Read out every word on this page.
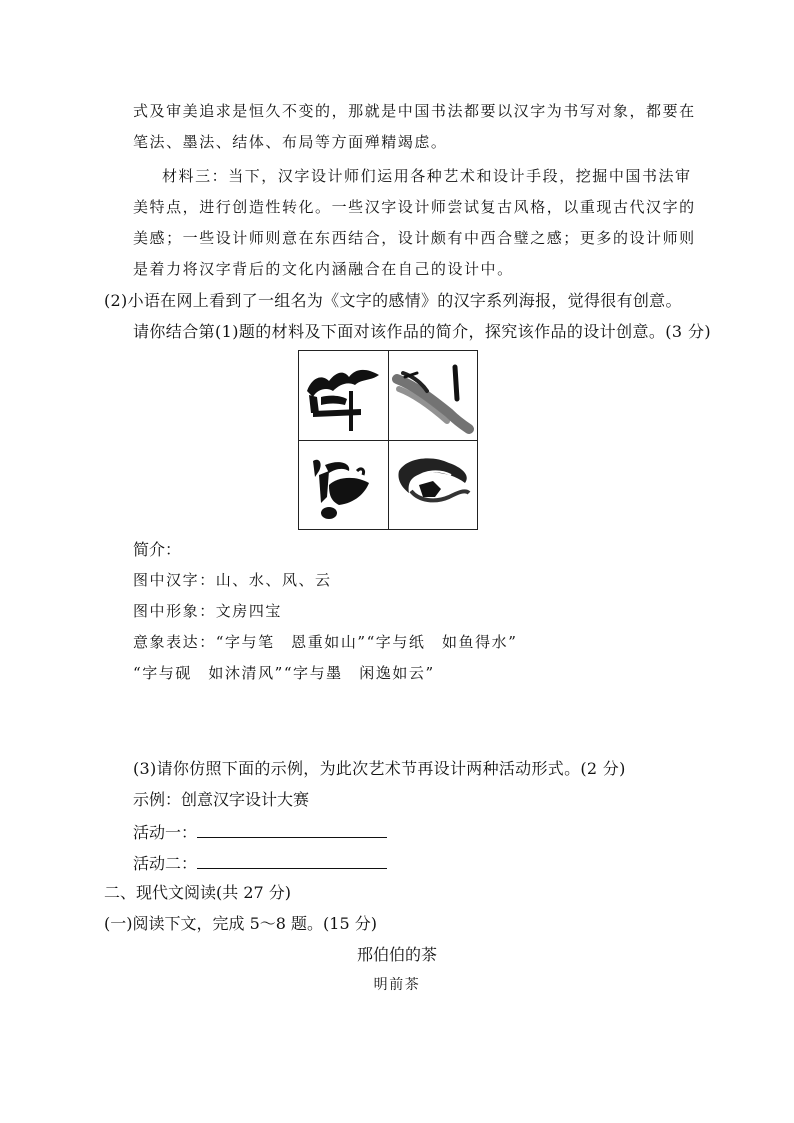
式及审美追求是恒久不变的，那就是中国书法都要以汉字为书写对象，都要在
笔法、墨法、结体、布局等方面殚精竭虑。
材料三：当下，汉字设计师们运用各种艺术和设计手段，挖掘中国书法审
美特点，进行创造性转化。一些汉字设计师尝试复古风格，以重现古代汉字的
美感；一些设计师则意在东西结合，设计颇有中西合璧之感；更多的设计师则
是着力将汉字背后的文化内涵融合在自己的设计中。
(2)小语在网上看到了一组名为《文字的感情》的汉字系列海报，觉得很有创意。
请你结合第(1)题的材料及下面对该作品的简介，探究该作品的设计创意。(3 分)
简介：
图中汉字：山、水、风、云
图中形象：文房四宝
意象表达：“字与笔　恩重如山”“字与纸　如鱼得水”
“字与砚　如沐清风”“字与墨　闲逸如云”
(3)请你仿照下面的示例，为此次艺术节再设计两种活动形式。(2 分)
示例：创意汉字设计大赛
活动一：
活动二：
二、现代文阅读(共 27 分)
(一)阅读下文，完成 5～8 题。(15 分)
邢伯伯的茶
明前茶
